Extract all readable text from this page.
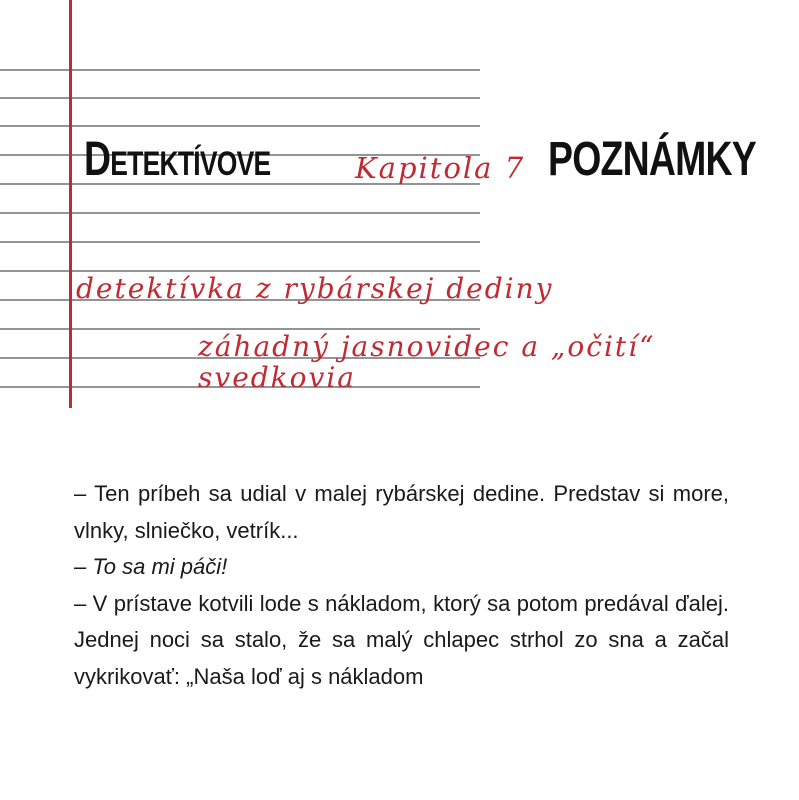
Detektívove	Kapitola 7 POZNÁMKY
detektívka z rybárskej dediny
záhadný jasnovidec a „očití“
svedkovia

– Ten príbeh sa udial v malej rybárskej dedine. Predstav si more, vlnky, slniečko, vetrík...

– To sa mi páči!

– V prístave kotvili lode s nákladom, ktorý sa potom predával ďalej. Jednej noci sa stalo, že sa malý chlapec strhol zo sna a začal vykrikovať: „Naša loď aj s nákladom
